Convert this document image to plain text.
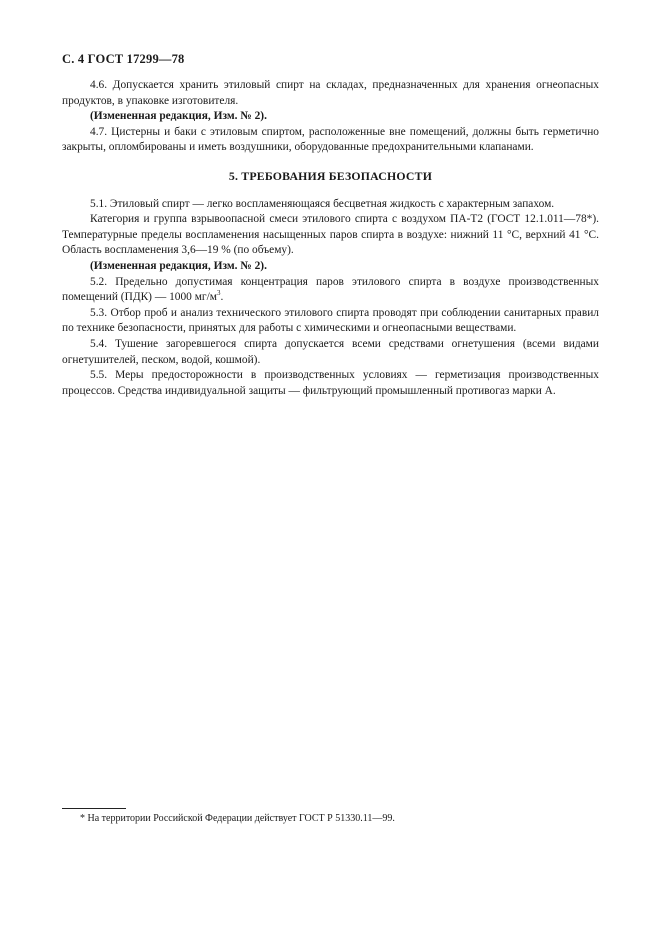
С. 4 ГОСТ 17299—78

4.6. Допускается хранить этиловый спирт на складах, предназначенных для хранения огнеопасных продуктов, в упаковке изготовителя.

(Измененная редакция, Изм. № 2).

4.7. Цистерны и баки с этиловым спиртом, расположенные вне помещений, должны быть герметично закрыты, опломбированы и иметь воздушники, оборудованные предохранительными клапанами.

5. ТРЕБОВАНИЯ БЕЗОПАСНОСТИ

5.1. Этиловый спирт — легко воспламеняющаяся бесцветная жидкость с характерным запахом.

Категория и группа взрывоопасной смеси этилового спирта с воздухом ПА-Т2 (ГОСТ 12.1.011—78*). Температурные пределы воспламенения насыщенных паров спирта в воздухе: нижний 11 °С, верхний 41 °С. Область воспламенения 3,6—19 % (по объему).

(Измененная редакция, Изм. № 2).

5.2. Предельно допустимая концентрация паров этилового спирта в воздухе производственных помещений (ПДК) — 1000 $мг/м^3$.

5.3. Отбор проб и анализ технического этилового спирта проводят при соблюдении санитарных правил по технике безопасности, принятых для работы с химическими и огнеопасными веществами.

5.4. Тушение загоревшегося спирта допускается всеми средствами огнетушения (всеми видами огнетушителей, песком, водой, кошмой).

5.5. Меры предосторожности в производственных условиях — герметизация производственных процессов. Средства индивидуальной защиты — фильтрующий промышленный противогаз марки А.

* На территории Российской Федерации действует ГОСТ Р 51330.11—99.
